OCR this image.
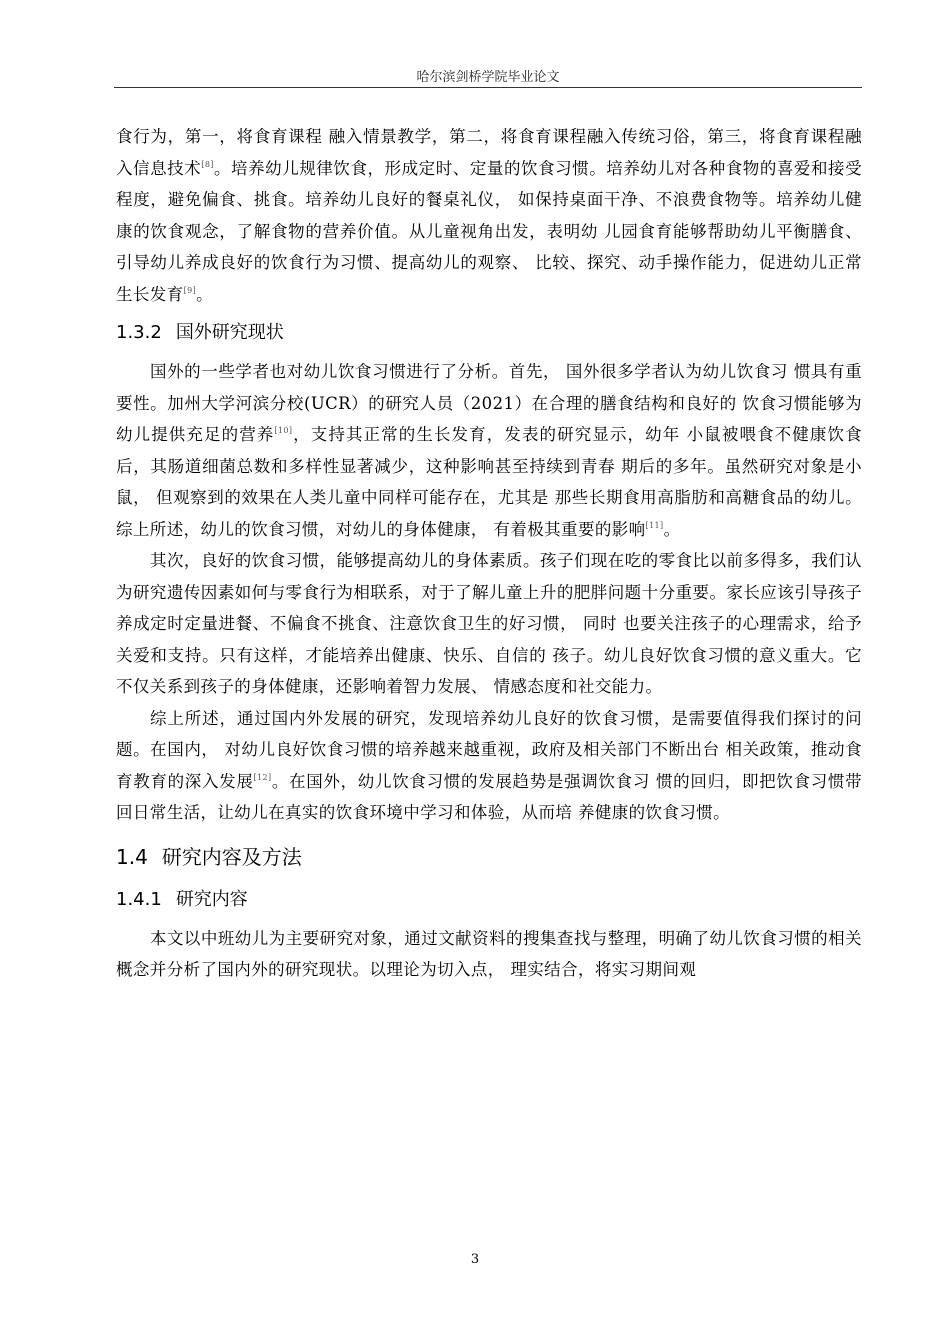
哈尔滨剑桥学院毕业论文

食行为，第一，将食育课程 融入情景教学，第二，将食育课程融入传统习俗，第三，将食育课程融入信息技术[8]。培养幼儿规律饮食，形成定时、定量的饮食习惯。培养幼儿对各种食物的喜爱和接受程度，避免偏食、挑食。培养幼儿良好的餐桌礼仪， 如保持桌面干净、不浪费食物等。培养幼儿健康的饮食观念，了解食物的营养价值。从儿童视角出发，表明幼 儿园食育能够帮助幼儿平衡膳食、引导幼儿养成良好的饮食行为习惯、提高幼儿的观察、 比较、探究、动手操作能力，促进幼儿正常生长发育[9]。

1.3.2 国外研究现状

国外的一些学者也对幼儿饮食习惯进行了分析。首先， 国外很多学者认为幼儿饮食习 惯具有重要性。加州大学河滨分校(UCR）的研究人员（2021）在合理的膳食结构和良好的 饮食习惯能够为幼儿提供充足的营养[10]，支持其正常的生长发育，发表的研究显示，幼年 小鼠被喂食不健康饮食后，其肠道细菌总数和多样性显著减少，这种影响甚至持续到青春 期后的多年。虽然研究对象是小鼠， 但观察到的效果在人类儿童中同样可能存在，尤其是 那些长期食用高脂肪和高糖食品的幼儿。综上所述，幼儿的饮食习惯，对幼儿的身体健康， 有着极其重要的影响[11]。

其次，良好的饮食习惯，能够提高幼儿的身体素质。孩子们现在吃的零食比以前多得多，我们认为研究遗传因素如何与零食行为相联系，对于了解儿童上升的肥胖问题十分重要。家长应该引导孩子养成定时定量进餐、不偏食不挑食、注意饮食卫生的好习惯， 同时 也要关注孩子的心理需求，给予关爱和支持。只有这样，才能培养出健康、快乐、自信的 孩子。幼儿良好饮食习惯的意义重大。它不仅关系到孩子的身体健康，还影响着智力发展、 情感态度和社交能力。

综上所述，通过国内外发展的研究，发现培养幼儿良好的饮食习惯，是需要值得我们探讨的问题。在国内， 对幼儿良好饮食习惯的培养越来越重视，政府及相关部门不断出台 相关政策，推动食育教育的深入发展[12]。在国外，幼儿饮食习惯的发展趋势是强调饮食习 惯的回归，即把饮食习惯带回日常生活，让幼儿在真实的饮食环境中学习和体验，从而培 养健康的饮食习惯。

1.4 研究内容及方法
1.4.1 研究内容

本文以中班幼儿为主要研究对象，通过文献资料的搜集查找与整理，明确了幼儿饮食习惯的相关概念并分析了国内外的研究现状。以理论为切入点， 理实结合，将实习期间观

3
